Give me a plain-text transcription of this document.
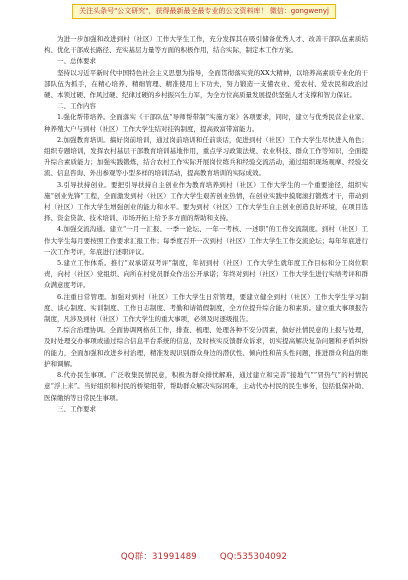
关注头条号"公文研究"，获得最新最全最专业的公文资料库！ 微信：gongwenyj

为进一步加强和改进到村（社区）工作大学生工作，充分发挥其在吸引储备优秀人才、改善干部队伍素质结构、优化干部成长路径、充实基层力量等方面的积极作用，结合实际，制定本工作方案。

一、总体要求

坚持以习近平新时代中国特色社会主义思想为指导，全面贯彻落实党的XX大精神，以培养高素质专业化的干部队伍为抓手，在精心培养、精细管理、精准使用上下功夫，努力锻造一支懂农业、爱农村、爱农民和政治过硬、本领过硬、作风过硬、纪律过硬的乡村振兴生力军，为全方位高质量发展提供坚强人才支撑和智力保证。

二、工作内容

1.强化帮带培养。全面落实《干部队伍“导师帮带制”实施方案》各项要求，同时，建立与优秀民营企业家、种养殖大户与到村（社区）工作大学生结对挂钩制度，提高致富带富能力。

2.加强教育培训。搞好岗前培训，通过岗前培训和任前谈话，促进到村（社区）工作大学生尽快进入角色；组织专题培训，发挥农村基层干部教育培训基地作用，重点学习政策法规、农业科技、群众工作等知识，全面提升综合素质能力；加强实践锻炼，结合农村工作实际开展岗位练兵和经验交流活动，通过组织现场观摩、经验交流、信息咨询、外出参观等小型多样的培训活动，提高教育培训的实际成效。

3.引导扶持创业。要把引导扶持自主创业作为教育培养到村（社区）工作大学生的一个重要途径，组织实施“创业先锋”工程，全面激发到村（社区）工作大学生艰苦创业热情，在创业实践中摸爬滚打锻炼才干，带动到村（社区）工作大学生增强创业的能力和水平。要为到村（社区）工作大学生自主创业创造良好环境，在项目选择、资金贷款、技术培训、市场开拓上给予多方面的帮助和支持。

4.加强交流沟通。建立“一月一汇报、一季一论坛、一年一考核、一述职”的工作交流制度。到村（社区）工作大学生每月要按照工作要求汇报工作；每季度召开一次到村（社区）工作大学生工作交流论坛；每年年底进行一次工作考评，年底进行述职评议。

5.建立工作体系。推行“双承诺双考评”制度，年初到村（社区）工作大学生就年度工作目标和分工岗位职责，向村（社区）党组织、向所在村党员群众作出公开承诺；年终对到村（社区）工作大学生进行实绩考评和群众满意度考评。

6.注重日常管理。加强对到村（社区）工作大学生日常管理，要建立健全到村（社区）工作大学生学习制度、谈心制度、实训制度、工作日志制度、考勤和请销假制度，全方位提升综合能力和素质。建立重大事项报告制度，凡涉及到村（社区）工作大学生的重大事项，必须及时逐级报告。

7.综合治理协调。全面协调网格员工作，排查、梳理、处理各种不安分因素，做好社情民意的上报与处理，及时处理交办事项或通过综合信息平台系统的信息，及时核实反馈群众诉求，切实提高解决复杂问题和矛盾纠纷的能力，全面加强和改进乡村治理，精准发现识别群众身边的潜伏性、倾向性和苗头性问题，推进群众利益的维护和调解。

8.代办民生事项。广泛收集民情民意，积极为群众排忧解难，通过建立和完善“接地气”“冒热气”的村情民意“浮上来”。当好组织和村民的桥梁纽带，帮助群众解决实际困难，主动代办村民的民生事务，包括低保补助、医保缴纳等日常民生事项。

三、工作要求

QQ群：31991489	QQ:535304092
